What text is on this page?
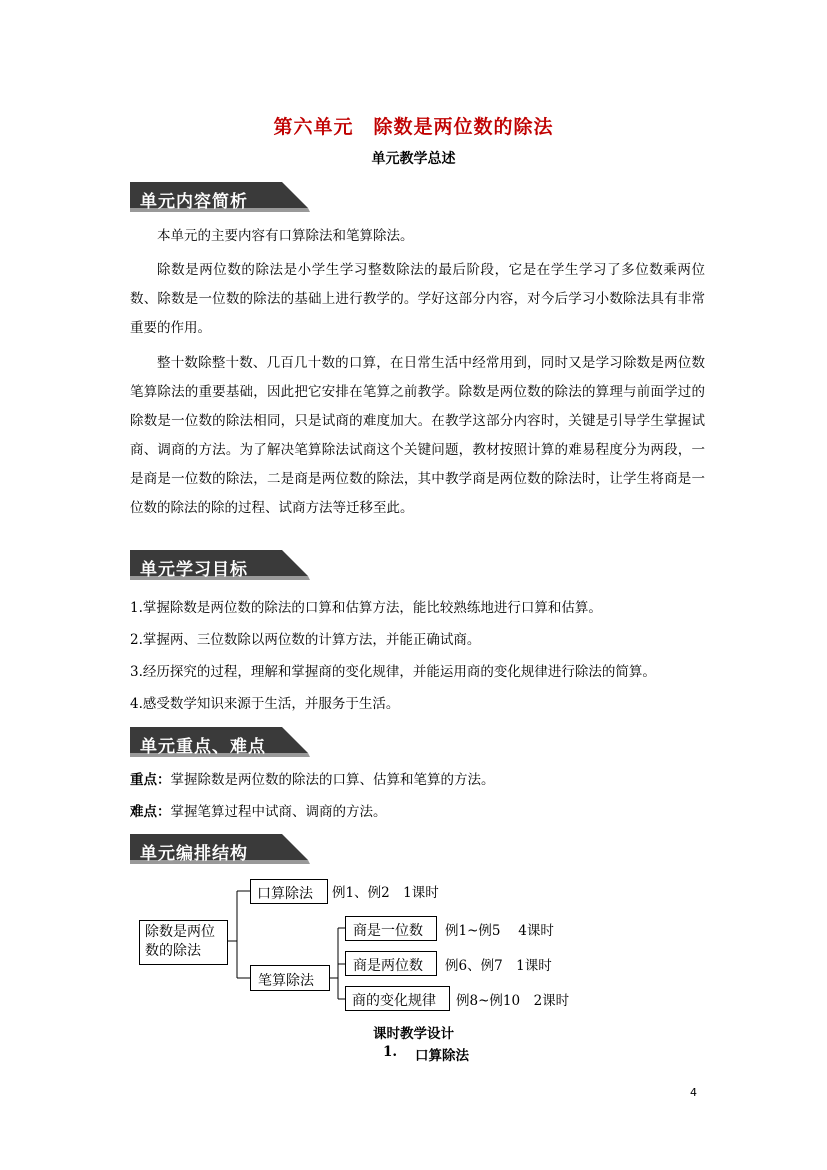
第六单元　除数是两位数的除法
单元教学总述
单元内容简析
本单元的主要内容有口算除法和笔算除法。
除数是两位数的除法是小学生学习整数除法的最后阶段，它是在学生学习了多位数乘两位数、除数是一位数的除法的基础上进行教学的。学好这部分内容，对今后学习小数除法具有非常重要的作用。
整十数除整十数、几百几十数的口算，在日常生活中经常用到，同时又是学习除数是两位数笔算除法的重要基础，因此把它安排在笔算之前教学。除数是两位数的除法的算理与前面学过的除数是一位数的除法相同，只是试商的难度加大。在教学这部分内容时，关键是引导学生掌握试商、调商的方法。为了解决笔算除法试商这个关键问题，教材按照计算的难易程度分为两段，一是商是一位数的除法，二是商是两位数的除法，其中教学商是两位数的除法时，让学生将商是一位数的除法的除的过程、试商方法等迁移至此。
单元学习目标
1.掌握除数是两位数的除法的口算和估算方法，能比较熟练地进行口算和估算。
2.掌握两、三位数除以两位数的计算方法，并能正确试商。
3.经历探究的过程，理解和掌握商的变化规律，并能运用商的变化规律进行除法的简算。
4.感受数学知识来源于生活，并服务于生活。
单元重点、难点
重点：掌握除数是两位数的除法的口算、估算和笔算的方法。
难点：掌握笔算过程中试商、调商的方法。
单元编排结构
除数是两位
数的除法
口算除法	例1、例2　1课时
笔算除法
商是一位数	例1~例5　 4课时
商是两位数	例6、例7　1课时
商的变化规律	例8~例10　2课时
课时教学设计
1. 口算除法
4
